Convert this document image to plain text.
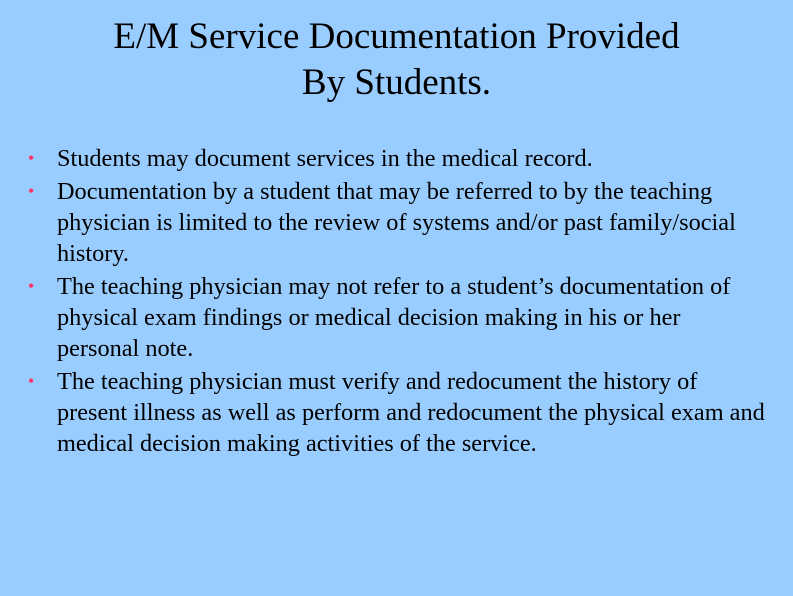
E/M Service Documentation Provided
By Students.
• Students may document services in the medical record.
• Documentation by a student that may be referred to by the teaching physician is limited to the review of systems and/or past family/social history.
• The teaching physician may not refer to a student’s documentation of physical exam findings or medical decision making in his or her personal note.
• The teaching physician must verify and redocument the history of present illness as well as perform and redocument the physical exam and medical decision making activities of the service.
